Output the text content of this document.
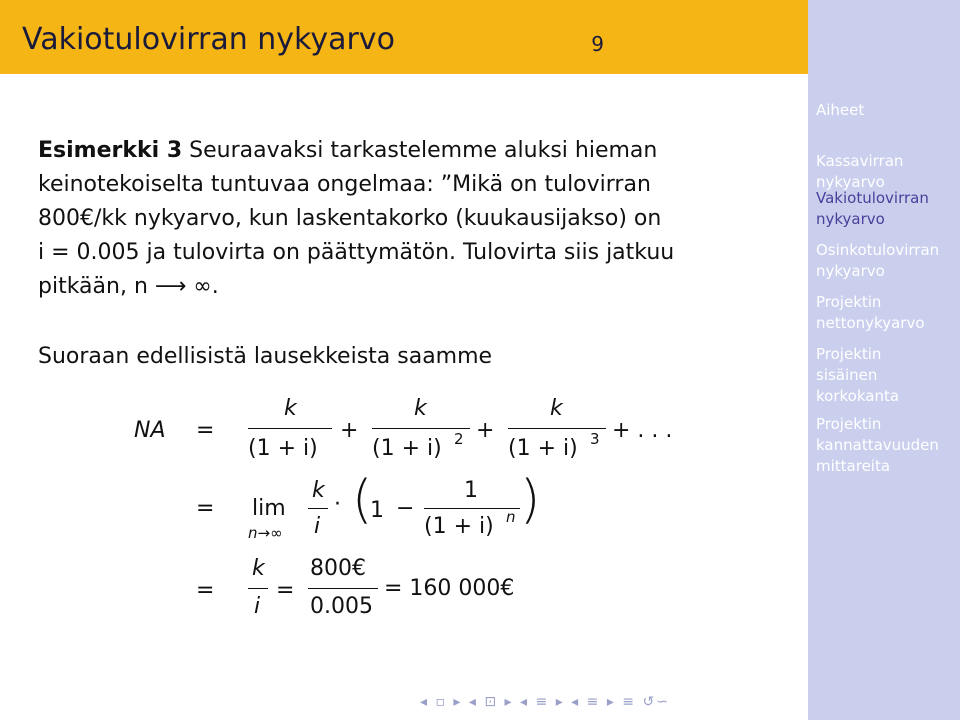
Vakiotulovirran nykyarvo	9
Aiheet
Kassavirran
nykyarvo
Vakiotulovirran
nykyarvo
Osinkotulovirran
nykyarvo
Projektin
nettonykyarvo
Projektin
sisäinen
korkokanta
Projektin
kannattavuuden
mittareita
Esimerkki 3 Seuraavaksi tarkastelemme aluksi hieman
keinotekoiselta tuntuvaa ongelmaa: ”Mikä on tulovirran
800€/kk nykyarvo, kun laskentakorko (kuukausijakso) on
i = 0.005 ja tulovirta on päättymätön. Tulovirta siis jatkuu
pitkään, n ⟶ ∞.
Suoraan edellisistä lausekkeista saamme
NA =
k
(1 + i)
+
k
(1 + i) 2 +
k
(1 + i) 3 + . . .
= lim
n→∞
k
i
· (
1 −
1
(1 + i) n )
=
k
i
=
800€
0.005
= 160 000€
◂ ▫ ▸ ◂ ⊡ ▸ ◂ ≡ ▸ ◂ ≡ ▸ ≡ ↺∽
